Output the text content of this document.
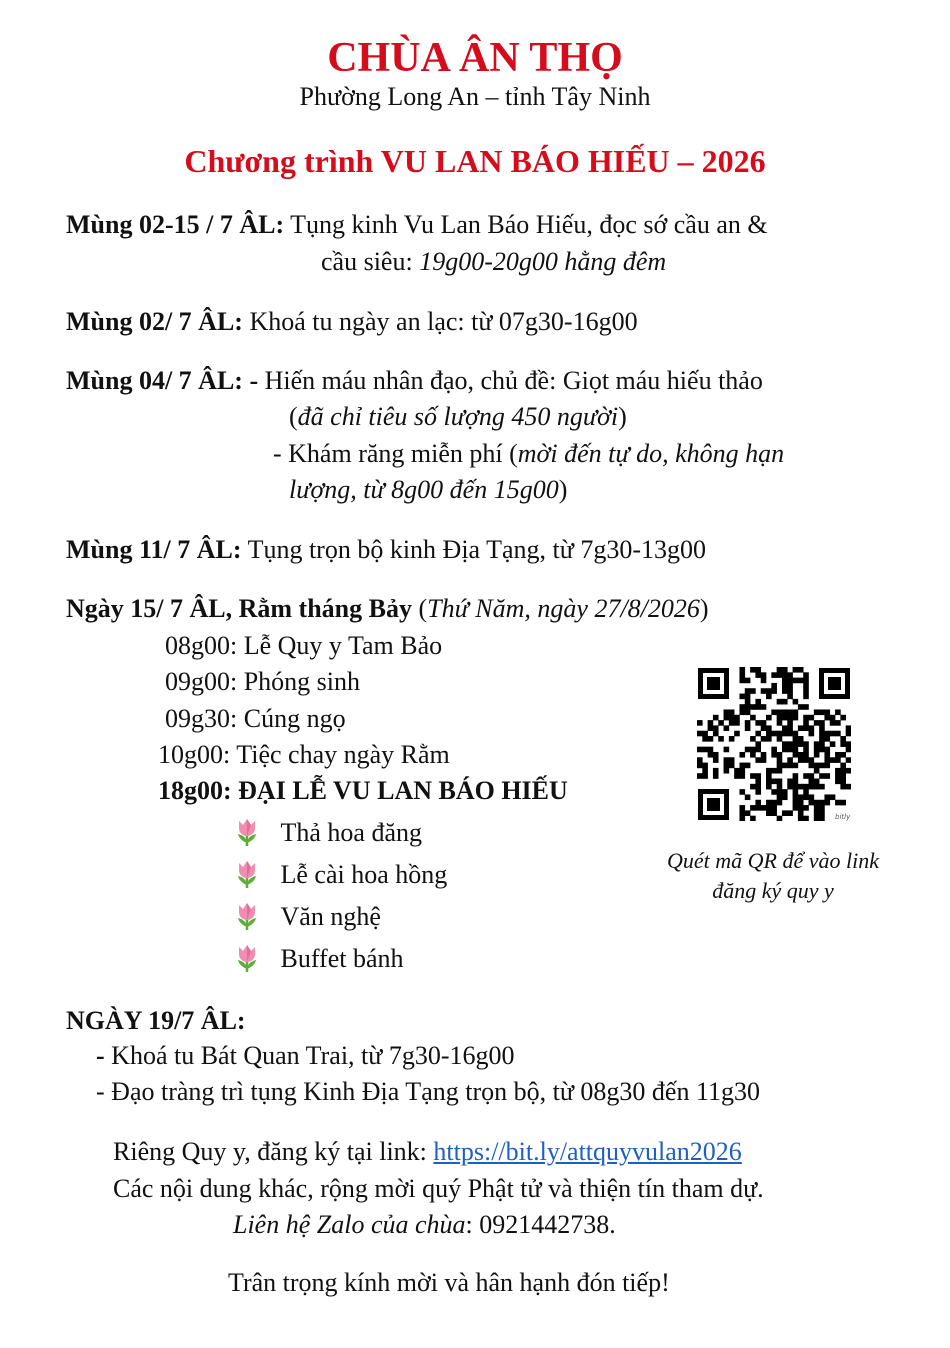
CHÙA ÂN THỌ
Phường Long An – tỉnh Tây Ninh
Chương trình VU LAN BÁO HIẾU – 2026
Mùng 02-15 / 7 ÂL: Tụng kinh Vu Lan Báo Hiếu, đọc sớ cầu an &
cầu siêu: 19g00-20g00 hằng đêm
Mùng 02/ 7 ÂL: Khoá tu ngày an lạc: từ 07g30-16g00
Mùng 04/ 7 ÂL: - Hiến máu nhân đạo, chủ đề: Giọt máu hiếu thảo
(đã chỉ tiêu số lượng 450 người)
- Khám răng miễn phí (mời đến tự do, không hạn
lượng, từ 8g00 đến 15g00)
Mùng 11/ 7 ÂL: Tụng trọn bộ kinh Địa Tạng, từ 7g30-13g00
Ngày 15/ 7 ÂL, Rằm tháng Bảy (Thứ Năm, ngày 27/8/2026)
08g00: Lễ Quy y Tam Bảo
09g00: Phóng sinh
09g30: Cúng ngọ
10g00: Tiệc chay ngày Rằm
18g00: ĐẠI LỄ VU LAN BÁO HIẾU
Thả hoa đăng
Lễ cài hoa hồng
Văn nghệ
Buffet bánh
bitly
Quét mã QR để vào link
đăng ký quy y
NGÀY 19/7 ÂL:
- Khoá tu Bát Quan Trai, từ 7g30-16g00
- Đạo tràng trì tụng Kinh Địa Tạng trọn bộ, từ 08g30 đến 11g30
Riêng Quy y, đăng ký tại link: https://bit.ly/attquyvulan2026
Các nội dung khác, rộng mời quý Phật tử và thiện tín tham dự.
Liên hệ Zalo của chùa: 0921442738.
Trân trọng kính mời và hân hạnh đón tiếp!
